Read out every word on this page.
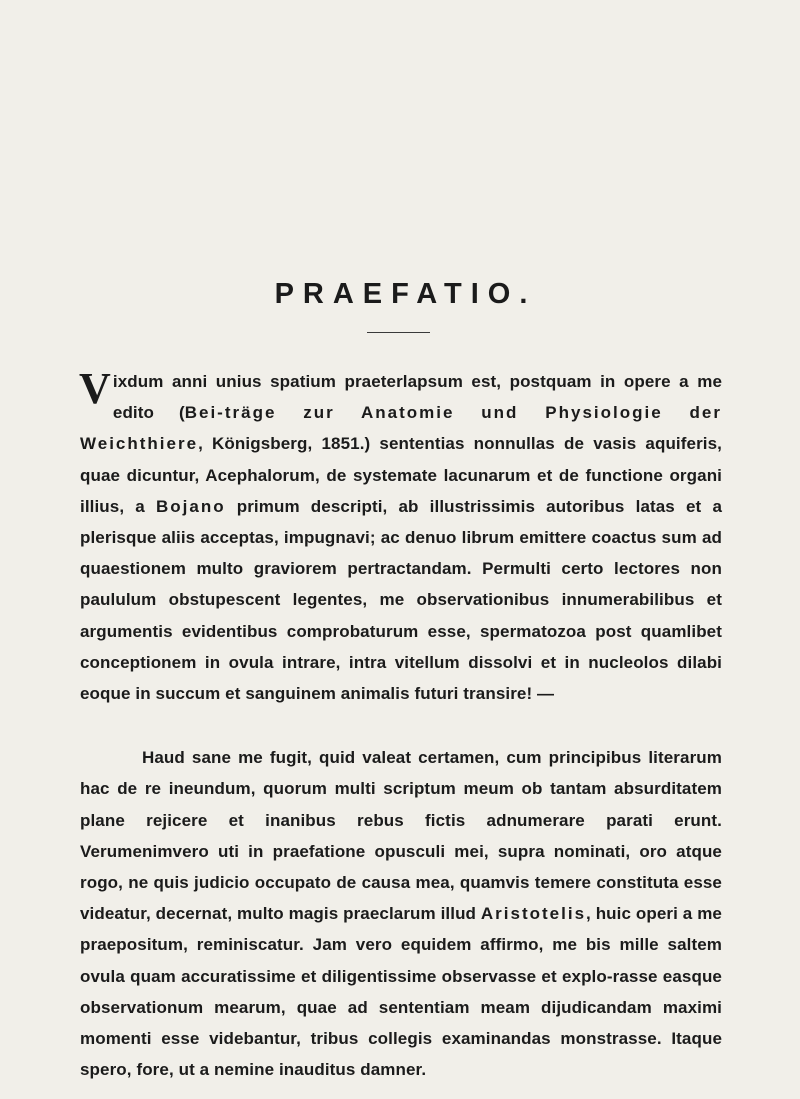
PRAEFATIO.

Vixdum anni unius spatium praeterlapsum est, postquam in opere a me edito (Bei-träge zur Anatomie und Physiologie der Weichthiere, Königsberg, 1851.) sententias nonnullas de vasis aquiferis, quae dicuntur, Acephalorum, de systemate lacunarum et de functione organi illius, a Bojano primum descripti, ab illustrissimis autoribus latas et a plerisque aliis acceptas, impugnavi; ac denuo librum emittere coactus sum ad quaestionem multo graviorem pertractandam. Permulti certo lectores non paululum obstupescent legentes, me observationibus innumerabilibus et argumentis evidentibus comprobaturum esse, spermatozoa post quamlibet conceptionem in ovula intrare, intra vitellum dissolvi et in nucleolos dilabi eoque in succum et sanguinem animalis futuri transire! —

Haud sane me fugit, quid valeat certamen, cum principibus literarum hac de re ineundum, quorum multi scriptum meum ob tantam absurditatem plane rejicere et inanibus rebus fictis adnumerare parati erunt. Verumenimvero uti in praefatione opusculi mei, supra nominati, oro atque rogo, ne quis judicio occupato de causa mea, quamvis temere constituta esse videatur, decernat, multo magis praeclarum illud Aristotelis, huic operi a me praepositum, reminiscatur. Jam vero equidem affirmo, me bis mille saltem ovula quam accuratissime et diligentissime observasse et explo-rasse easque observationum mearum, quae ad sententiam meam dijudicandam maximi momenti esse videbantur, tribus collegis examinandas monstrasse. Itaque spero, fore, ut a nemine inauditus damner.
